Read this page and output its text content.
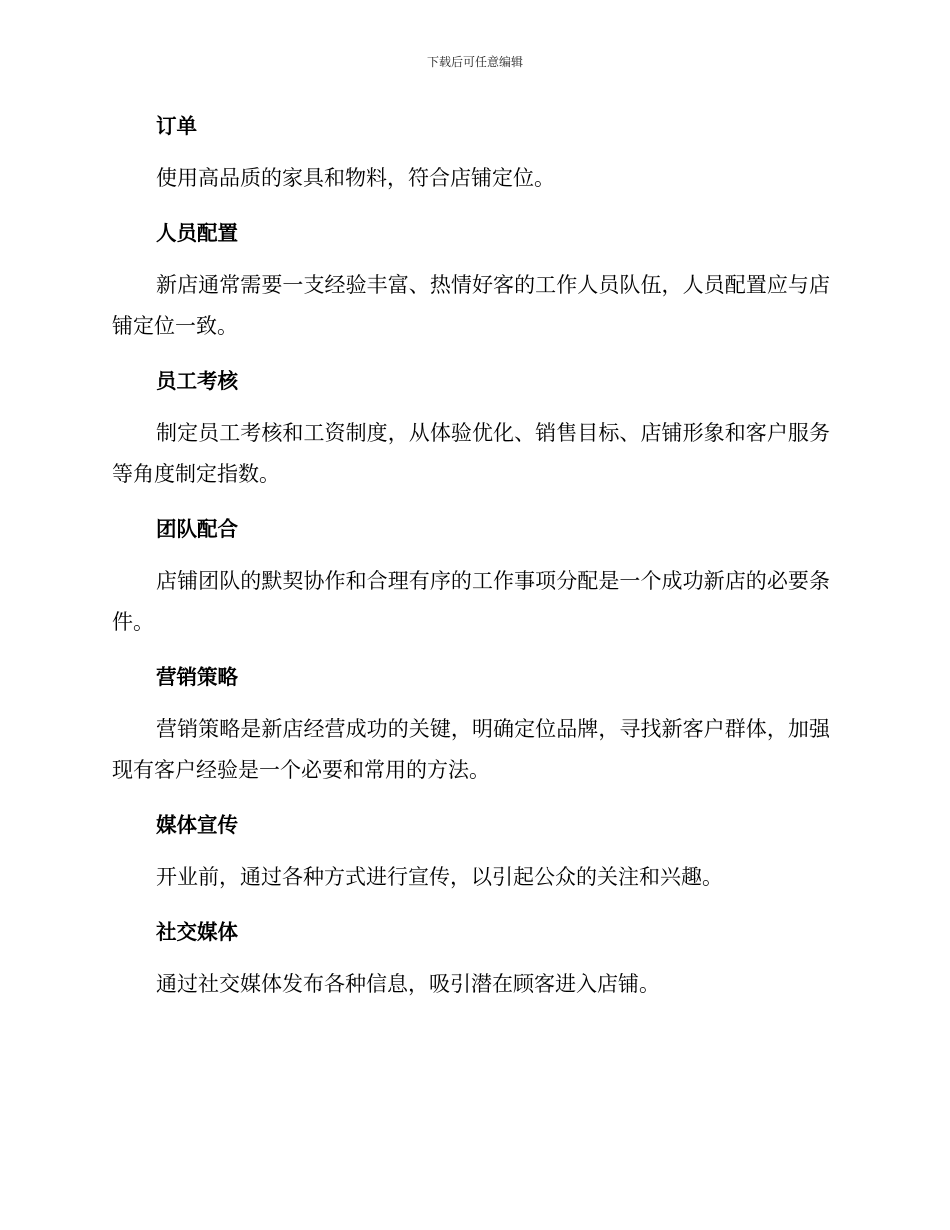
下载后可任意编辑
订单

使用高品质的家具和物料，符合店铺定位。

人员配置

新店通常需要一支经验丰富、热情好客的工作人员队伍，人员配置应与店铺定位一致。

员工考核

制定员工考核和工资制度，从体验优化、销售目标、店铺形象和客户服务等角度制定指数。

团队配合

店铺团队的默契协作和合理有序的工作事项分配是一个成功新店的必要条件。

营销策略

营销策略是新店经营成功的关键，明确定位品牌，寻找新客户群体，加强现有客户经验是一个必要和常用的方法。

媒体宣传

开业前，通过各种方式进行宣传，以引起公众的关注和兴趣。

社交媒体

通过社交媒体发布各种信息，吸引潜在顾客进入店铺。
